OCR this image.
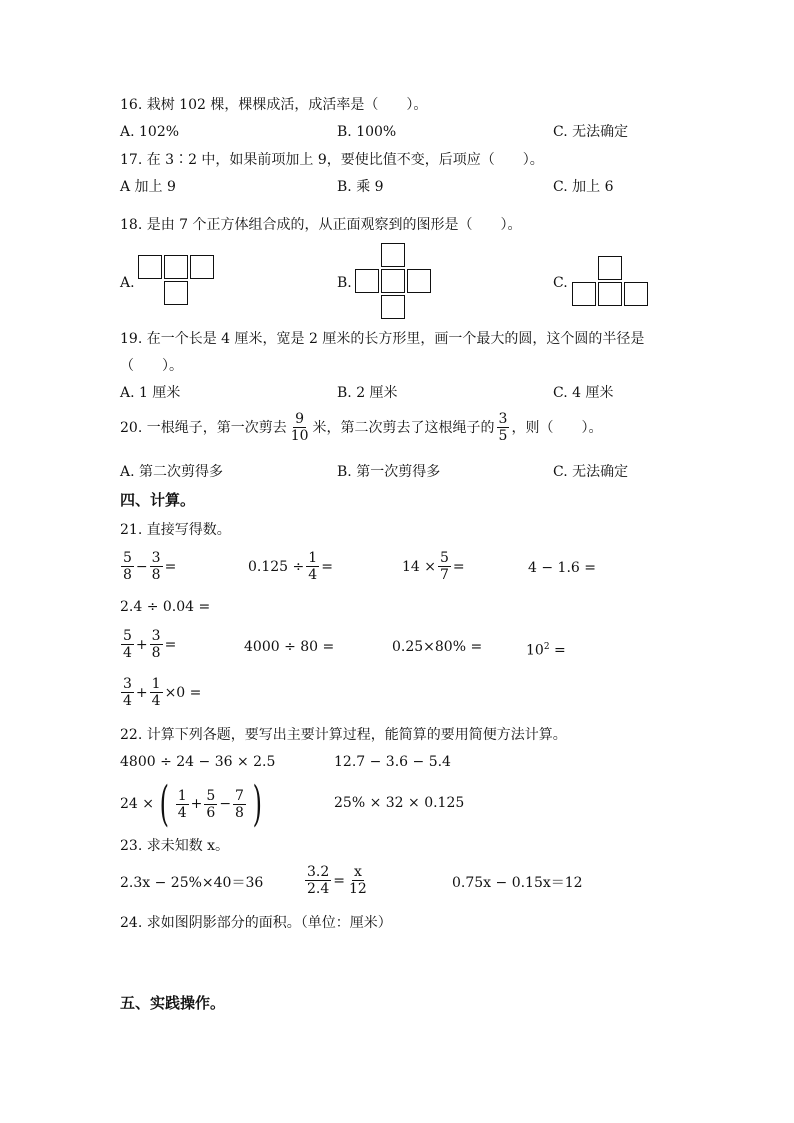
16. 栽树 102 棵，棵棵成活，成活率是（　　）。
A. 102%	B. 100%	C. 无法确定
17. 在 3∶2 中，如果前项加上 9，要使比值不变，后项应（　　）。
A 加上 9	B. 乘 9	C. 加上 6
18. 是由 7 个正方体组合成的，从正面观察到的图形是（　　）。
A.	B.	C.
19. 在一个长是 4 厘米，宽是 2 厘米的长方形里，画一个最大的圆，这个圆的半径是
（　　）。
A. 1 厘米	B. 2 厘米	C. 4 厘米
20. 一根绳子，第一次剪去 $\frac{9}{10}$ 米，第二次剪去了这根绳子的 $\frac{3}{5}$ ，则（　　）。
A. 第二次剪得多	B. 第一次剪得多	C. 无法确定
四、计算。
21. 直接写得数。
$\frac{5}{8} - \frac{3}{8}$ =	$0.125 \div \frac{1}{4}$ =	$14 \times \frac{5}{7}$ =	4 − 1.6 =
2.4 ÷ 0.04 =
$\frac{5}{4} + \frac{3}{8}$ =	4000 ÷ 80 =	0.25×80% =	$10^2$ =
$\frac{3}{4} + \frac{1}{4} \times 0$ =
22. 计算下列各题，要写出主要计算过程，能简算的要用简便方法计算。
4800 ÷ 24 − 36 × 2.5	12.7 − 3.6 − 5.4
24 × ( $\frac{1}{4} + \frac{5}{6} - \frac{7}{8}$ )	25% × 32 × 0.125
23. 求未知数 x。
2.3x − 25%×40＝36	$\frac{3.2}{2.4} = \frac{x}{12}$	0.75x − 0.15x＝12
24. 求如图阴影部分的面积。（单位：厘米）
五、实践操作。
